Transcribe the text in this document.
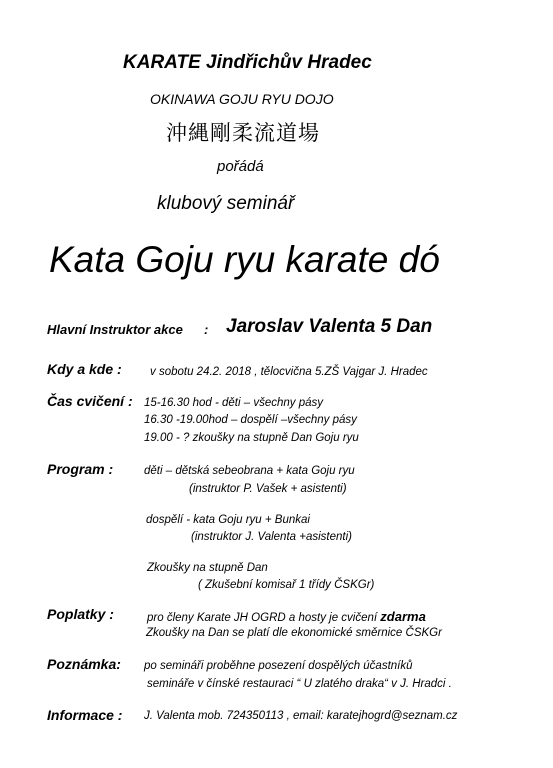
KARATE Jindřichův Hradec
OKINAWA GOJU RYU DOJO
沖縄剛柔流道場
pořádá
klubový seminář
Kata Goju ryu karate dó
Hlavní Instruktor akce : Jaroslav Valenta 5 Dan
Kdy a kde : v sobotu 24.2. 2018 , tělocvična 5.ZŠ Vajgar J. Hradec
Čas cvičení : 15-16.30 hod - děti – všechny pásy
16.30 -19.00hod – dospělí –všechny pásy
19.00 - ? zkoušky na stupně Dan Goju ryu
Program :	děti – dětská sebeobrana + kata Goju ryu
(instruktor P. Vašek + asistenti)
dospělí - kata Goju ryu + Bunkai
(instruktor J. Valenta +asistenti)
Zkoušky na stupně Dan
( Zkušební komisař 1 třídy ČSKGr)
Poplatky :	pro členy Karate JH OGRD a hosty je cvičení zdarma
Zkoušky na Dan se platí dle ekonomické směrnice ČSKGr
Poznámka: po semináři proběhne posezení dospělých účastníků
semináře v čínské restauraci “ U zlatého draka“ v J. Hradci .
Informace : J. Valenta mob. 724350113 , email: karatejhogrd@seznam.cz
